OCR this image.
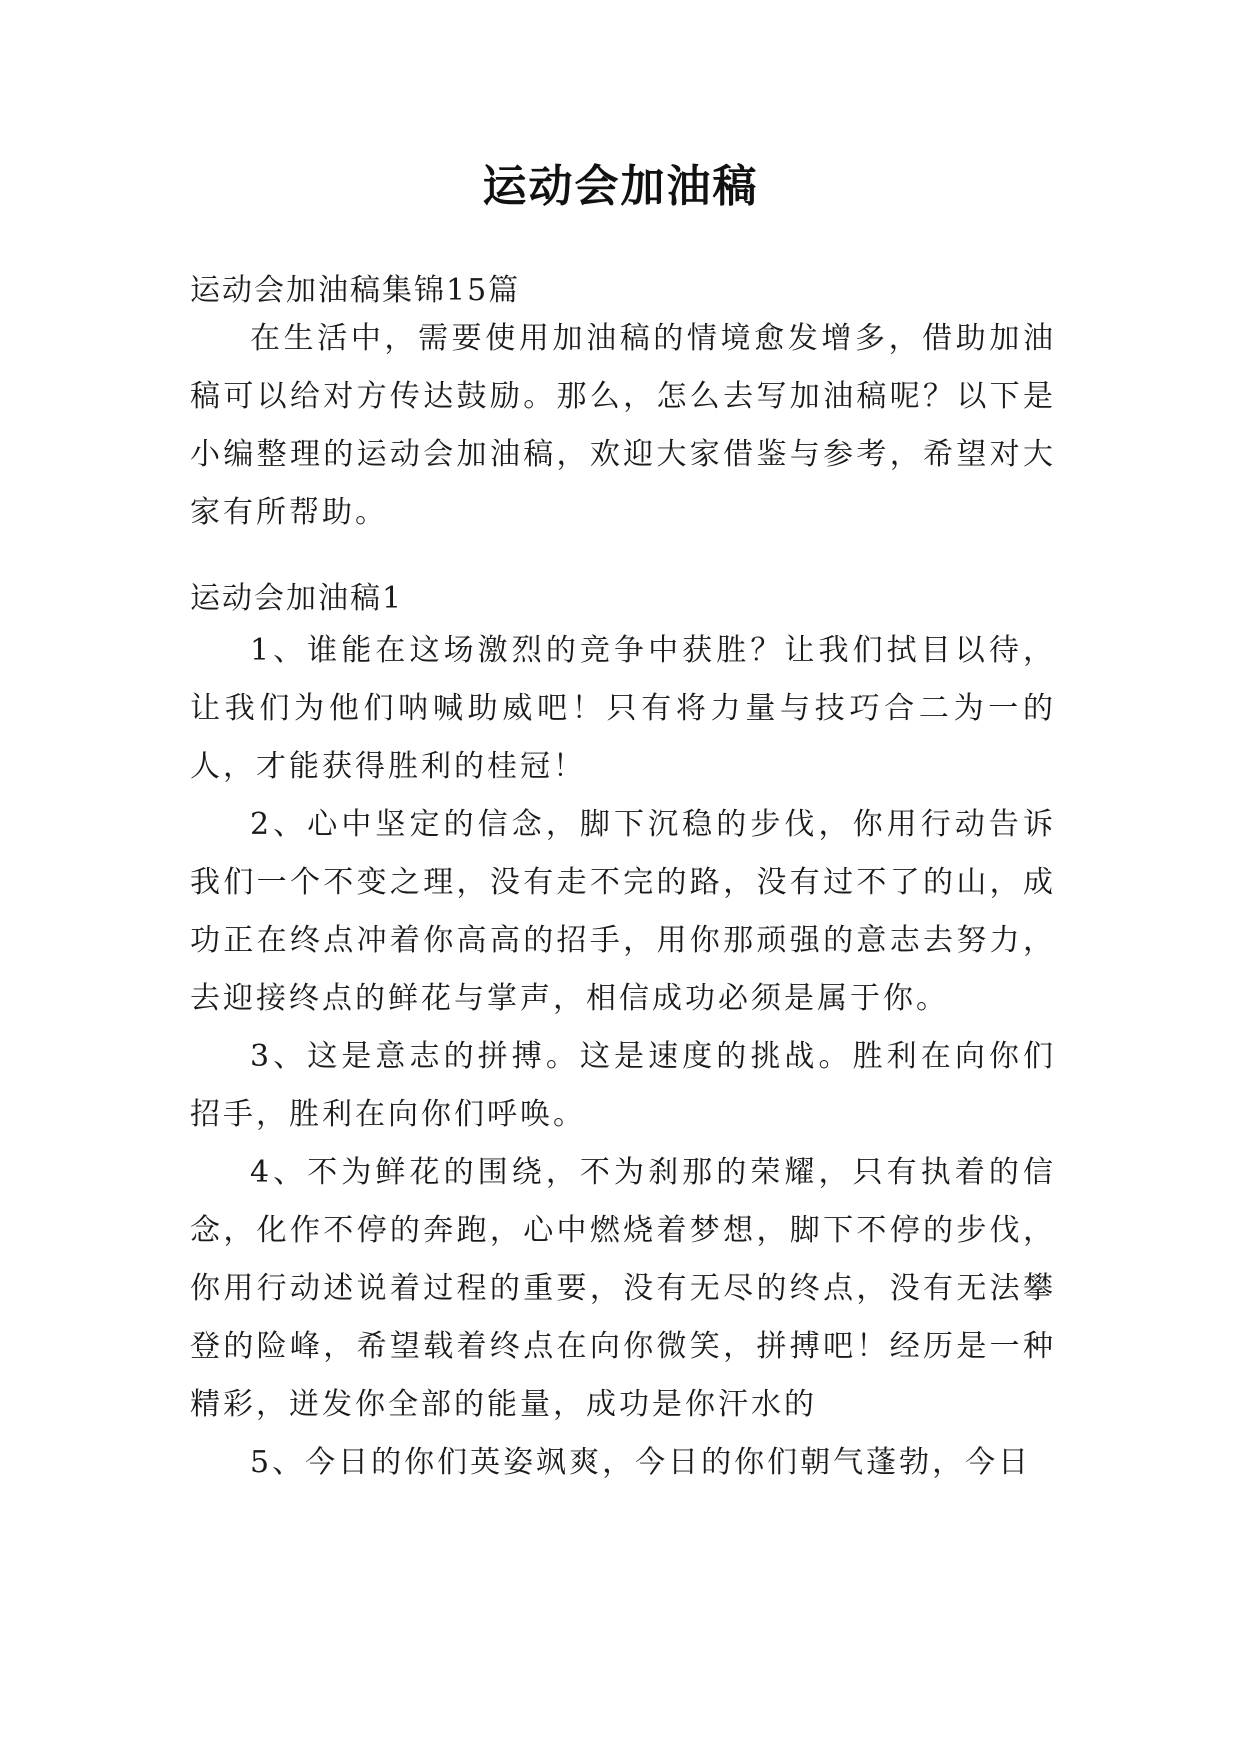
运动会加油稿
运动会加油稿集锦15篇

在生活中，需要使用加油稿的情境愈发增多，借助加油稿可以给对方传达鼓励。那么，怎么去写加油稿呢？以下是小编整理的运动会加油稿，欢迎大家借鉴与参考，希望对大家有所帮助。

运动会加油稿1

1、谁能在这场激烈的竞争中获胜？让我们拭目以待，让我们为他们呐喊助威吧！只有将力量与技巧合二为一的人，才能获得胜利的桂冠！

2、心中坚定的信念，脚下沉稳的步伐，你用行动告诉我们一个不变之理，没有走不完的路，没有过不了的山，成功正在终点冲着你高高的招手，用你那顽强的意志去努力，去迎接终点的鲜花与掌声，相信成功必须是属于你。

3、这是意志的拼搏。这是速度的挑战。胜利在向你们招手，胜利在向你们呼唤。

4、不为鲜花的围绕，不为刹那的荣耀，只有执着的信念，化作不停的奔跑，心中燃烧着梦想，脚下不停的步伐，你用行动述说着过程的重要，没有无尽的终点，没有无法攀登的险峰，希望载着终点在向你微笑，拼搏吧！经历是一种精彩，迸发你全部的能量，成功是你汗水的

5、今日的你们英姿飒爽，今日的你们朝气蓬勃，今日
